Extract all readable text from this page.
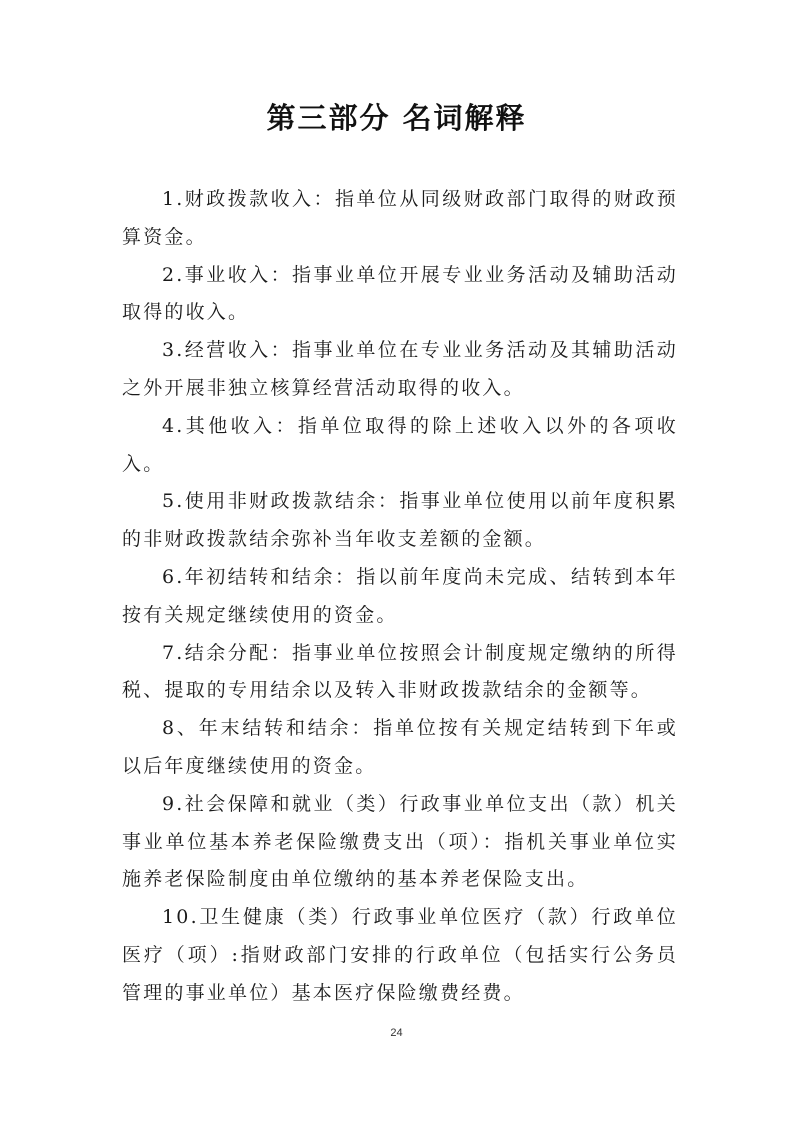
第三部分 名词解释

1.财政拨款收入：指单位从同级财政部门取得的财政预算资金。

2.事业收入：指事业单位开展专业业务活动及辅助活动取得的收入。

3.经营收入：指事业单位在专业业务活动及其辅助活动之外开展非独立核算经营活动取得的收入。

4.其他收入：指单位取得的除上述收入以外的各项收入。

5.使用非财政拨款结余：指事业单位使用以前年度积累的非财政拨款结余弥补当年收支差额的金额。

6.年初结转和结余：指以前年度尚未完成、结转到本年按有关规定继续使用的资金。

7.结余分配：指事业单位按照会计制度规定缴纳的所得税、提取的专用结余以及转入非财政拨款结余的金额等。

8、年末结转和结余：指单位按有关规定结转到下年或以后年度继续使用的资金。

9.社会保障和就业（类）行政事业单位支出（款）机关事业单位基本养老保险缴费支出（项）：指机关事业单位实施养老保险制度由单位缴纳的基本养老保险支出。

10.卫生健康（类）行政事业单位医疗（款）行政单位医疗（项）:指财政部门安排的行政单位（包括实行公务员管理的事业单位）基本医疗保险缴费经费。

24
